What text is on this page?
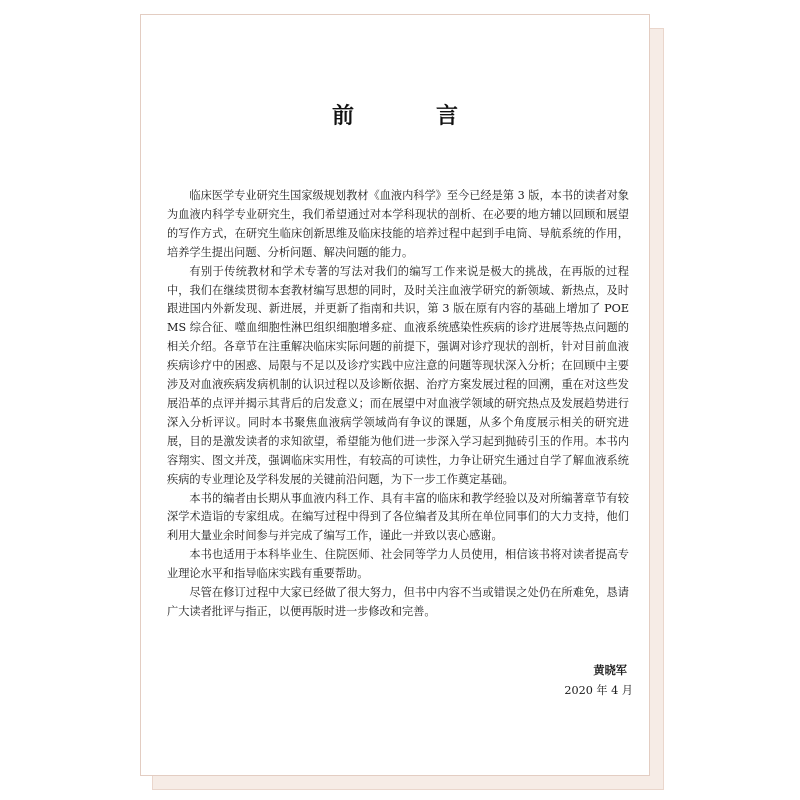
前　言

临床医学专业研究生国家级规划教材《血液内科学》至今已经是第 3 版，本书的读者对象为血液内科学专业研究生，我们希望通过对本学科现状的剖析、在必要的地方辅以回顾和展望的写作方式，在研究生临床创新思维及临床技能的培养过程中起到手电筒、导航系统的作用，培养学生提出问题、分析问题、解决问题的能力。

有别于传统教材和学术专著的写法对我们的编写工作来说是极大的挑战，在再版的过程中，我们在继续贯彻本套教材编写思想的同时，及时关注血液学研究的新领域、新热点，及时跟进国内外新发现、新进展，并更新了指南和共识，第 3 版在原有内容的基础上增加了 POEMS 综合征、噬血细胞性淋巴组织细胞增多症、血液系统感染性疾病的诊疗进展等热点问题的相关介绍。各章节在注重解决临床实际问题的前提下，强调对诊疗现状的剖析，针对目前血液疾病诊疗中的困惑、局限与不足以及诊疗实践中应注意的问题等现状深入分析；在回顾中主要涉及对血液疾病发病机制的认识过程以及诊断依据、治疗方案发展过程的回溯，重在对这些发展沿革的点评并揭示其背后的启发意义；而在展望中对血液学领域的研究热点及发展趋势进行深入分析评议。同时本书聚焦血液病学领域尚有争议的课题，从多个角度展示相关的研究进展，目的是激发读者的求知欲望，希望能为他们进一步深入学习起到抛砖引玉的作用。本书内容翔实、图文并茂，强调临床实用性，有较高的可读性，力争让研究生通过自学了解血液系统疾病的专业理论及学科发展的关键前沿问题，为下一步工作奠定基础。

本书的编者由长期从事血液内科工作、具有丰富的临床和教学经验以及对所编著章节有较深学术造诣的专家组成。在编写过程中得到了各位编者及其所在单位同事们的大力支持，他们利用大量业余时间参与并完成了编写工作，谨此一并致以衷心感谢。

本书也适用于本科毕业生、住院医师、社会同等学力人员使用，相信该书将对读者提高专业理论水平和指导临床实践有重要帮助。

尽管在修订过程中大家已经做了很大努力，但书中内容不当或错误之处仍在所难免，恳请广大读者批评与指正，以便再版时进一步修改和完善。

黄晓军
2020 年 4 月
